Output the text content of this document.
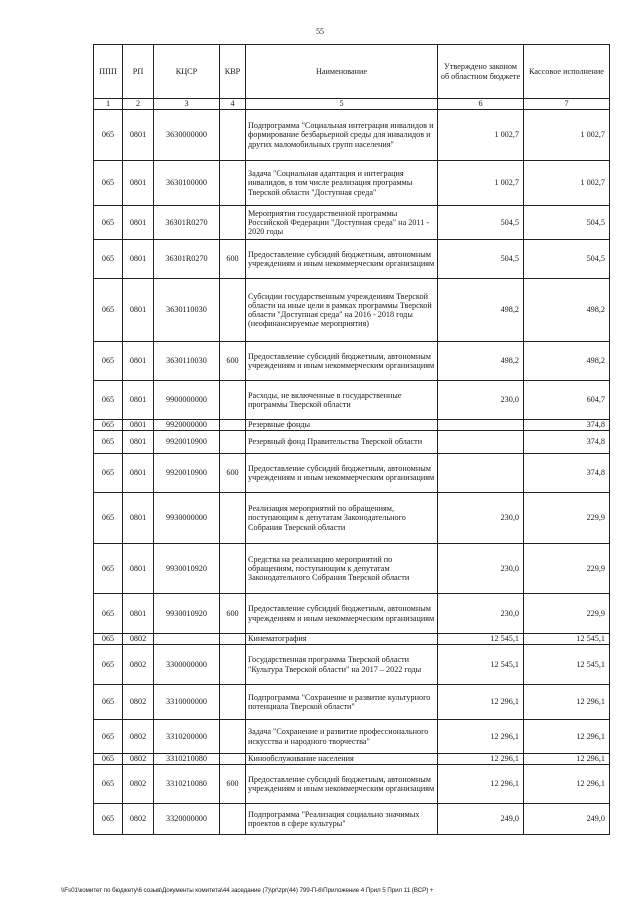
55
ППП	РП	КЦСР	КВР	Наименование	Утверждено законом об областном бюджете	Кассовое исполнение
1	2	3	4	5	6	7
065	0801	3630000000		Подпрограмма "Социальная интеграция инвалидов и формирование безбарьерной среды для инвалидов и других маломобильных групп населения"	1 002,7	1 002,7
065	0801	3630100000		Задача "Социальная адаптация и интеграция инвалидов, в том числе реализация программы Тверской области "Доступная среда"	1 002,7	1 002,7
065	0801	36301R0270		Мероприятия государственной программы Российской Федерации "Доступная среда" на 2011 - 2020 годы	504,5	504,5
065	0801	36301R0270	600	Предоставление субсидий бюджетным, автономным учреждениям и иным некоммерческим организациям	504,5	504,5
065	0801	3630110030		Субсидии государственным учреждениям Тверской области на иные цели в рамках программы Тверской области "Доступная среда" на 2016 - 2018 годы (неофинансируемые мероприятия)	498,2	498,2
065	0801	3630110030	600	Предоставление субсидий бюджетным, автономным учреждениям и иным некоммерческим организациям	498,2	498,2
065	0801	9900000000		Расходы, не включенные в государственные программы Тверской области	230,0	604,7
065	0801	9920000000		Резервные фонды		374,8
065	0801	9920010900		Резервный фонд Правительства Тверской области		374,8
065	0801	9920010900	600	Предоставление субсидий бюджетным, автономным учреждениям и иным некоммерческим организациям		374,8
065	0801	9930000000		Реализация мероприятий по обращениям, поступающим к депутатам Законодательного Собрания Тверской области	230,0	229,9
065	0801	9930010920		Средства на реализацию мероприятий по обращениям, поступающим к депутатам Законодательного Собрания Тверской области	230,0	229,9
065	0801	9930010920	600	Предоставление субсидий бюджетным, автономным учреждениям и иным некоммерческим организациям	230,0	229,9
065	0802			Кинематография	12 545,1	12 545,1
065	0802	3300000000		Государственная программа Тверской области "Культура Тверской области" на 2017 – 2022 годы	12 545,1	12 545,1
065	0802	3310000000		Подпрограмма "Сохранение и развитие культурного потенциала Тверской области"	12 296,1	12 296,1
065	0802	3310200000		Задача "Сохранение и развитие профессионального искусства и народного творчества"	12 296,1	12 296,1
065	0802	3310210080		Кинообслуживание населения	12 296,1	12 296,1
065	0802	3310210080	600	Предоставление субсидий бюджетным, автономным учреждениям и иным некоммерческим организациям	12 296,1	12 296,1
065	0802	3320000000		Подпрограмма "Реализация социально значимых проектов в сфере культуры"	249,0	249,0
\\Fs01\комитет по бюджету\6 созыв\Документы комитета\44 заседание (7)\pr\zpr(44) 799-П-6\Приложение 4 Прил 5 Прил 11 (ВСР) +
